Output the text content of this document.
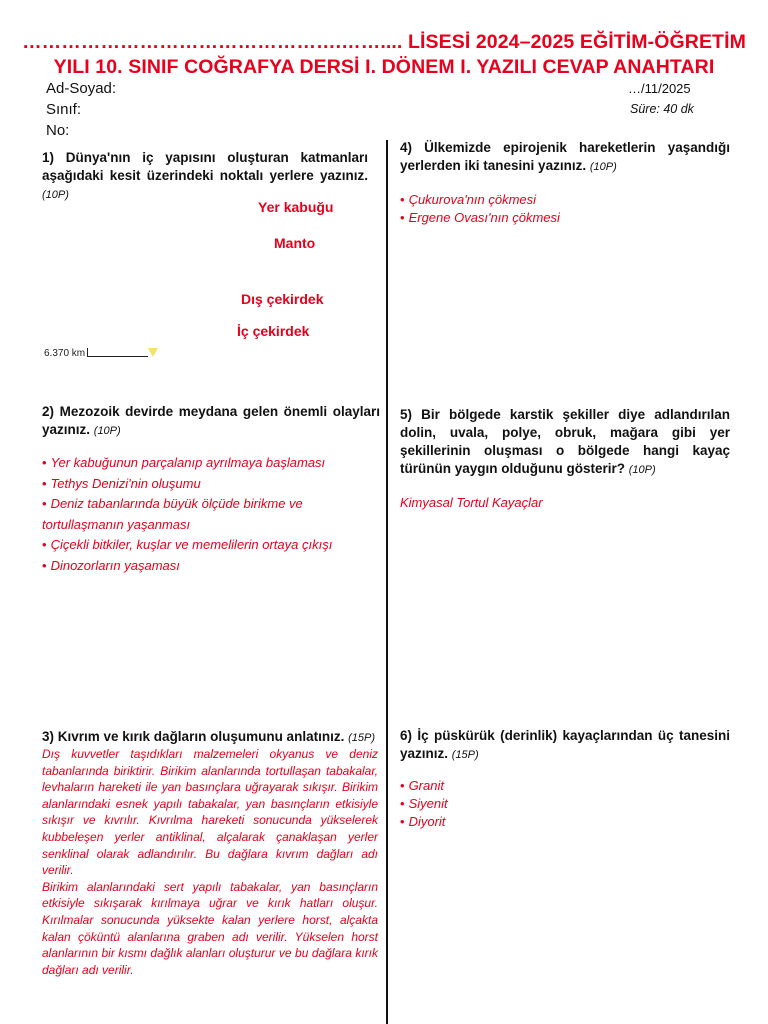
………………………………………….…….... LİSESİ 2024–2025 EĞİTİM-ÖĞRETİM
YILI 10. SINIF COĞRAFYA DERSİ I. DÖNEM I. YAZILI CEVAP ANAHTARI
Ad-Soyad:
Sınıf:
No:
…/11/2025
Süre: 40 dk
1) Dünya'nın iç yapısını oluşturan katmanları aşağıdaki kesit üzerindeki noktalı yerlere yazınız. (10P)
Yer kabuğu
Manto
Dış çekirdek
İç çekirdek
6.370 km
2) Mezozoik devirde meydana gelen önemli olayları yazınız. (10P)
• Yer kabuğunun parçalanıp ayrılmaya başlaması
• Tethys Denizi'nin oluşumu
• Deniz tabanlarında büyük ölçüde birikme ve tortullaşmanın yaşanması
• Çiçekli bitkiler, kuşlar ve memelilerin ortaya çıkışı
• Dinozorların yaşaması
3) Kıvrım ve kırık dağların oluşumunu anlatınız. (15P)
Dış kuvvetler taşıdıkları malzemeleri okyanus ve deniz tabanlarında biriktirir. Birikim alanlarında tortullaşan tabakalar, levhaların hareketi ile yan basınçlara uğrayarak sıkışır. Birikim alanlarındaki esnek yapılı tabakalar, yan basınçların etkisiyle sıkışır ve kıvrılır. Kıvrılma hareketi sonucunda yükselerek kubbeleşen yerler antiklinal, alçalarak çanaklaşan yerler senklinal olarak adlandırılır. Bu dağlara kıvrım dağları adı verilir.
Birikim alanlarındaki sert yapılı tabakalar, yan basınçların etkisiyle sıkışarak kırılmaya uğrar ve kırık hatları oluşur. Kırılmalar sonucunda yüksekte kalan yerlere horst, alçakta kalan çöküntü alanlarına graben adı verilir. Yükselen horst alanlarının bir kısmı dağlık alanları oluşturur ve bu dağlara kırık dağları adı verilir.
4) Ülkemizde epirojenik hareketlerin yaşandığı yerlerden iki tanesini yazınız. (10P)
• Çukurova'nın çökmesi
• Ergene Ovası'nın çökmesi
5) Bir bölgede karstik şekiller diye adlandırılan dolin, uvala, polye, obruk, mağara gibi yer şekillerinin oluşması o bölgede hangi kayaç türünün yaygın olduğunu gösterir? (10P)
Kimyasal Tortul Kayaçlar
6) İç püskürük (derinlik) kayaçlarından üç tanesini yazınız. (15P)
• Granit
• Siyenit
• Diyorit
